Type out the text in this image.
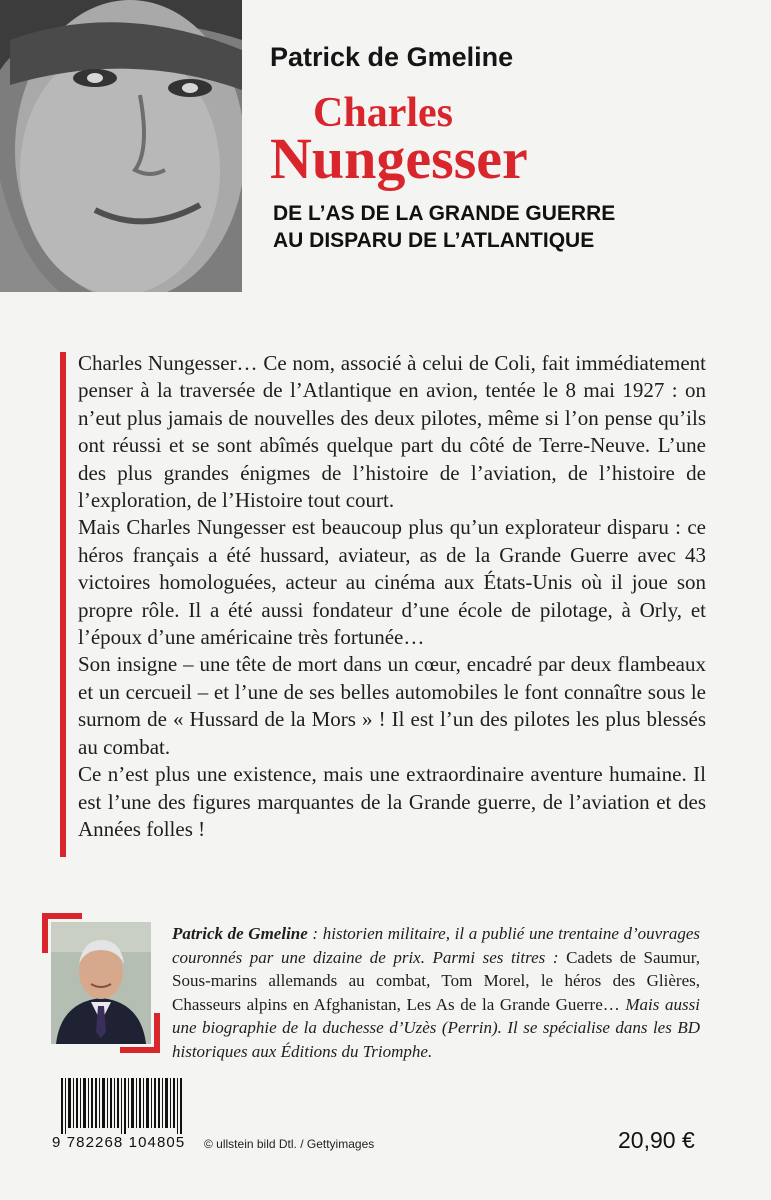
Patrick de Gmeline
Charles
Nungesser
DE L’AS DE LA GRANDE GUERRE
AU DISPARU DE L’ATLANTIQUE

Charles Nungesser… Ce nom, associé à celui de Coli, fait immédiatement penser à la traversée de l’Atlantique en avion, tentée le 8 mai 1927 : on n’eut plus jamais de nouvelles des deux pilotes, même si l’on pense qu’ils ont réussi et se sont abîmés quelque part du côté de Terre-Neuve. L’une des plus grandes énigmes de l’histoire de l’aviation, de l’histoire de l’exploration, de l’Histoire tout court.

Mais Charles Nungesser est beaucoup plus qu’un explorateur disparu : ce héros français a été hussard, aviateur, as de la Grande Guerre avec 43 victoires homologuées, acteur au cinéma aux États-Unis où il joue son propre rôle. Il a été aussi fondateur d’une école de pilotage, à Orly, et l’époux d’une américaine très fortunée…

Son insigne – une tête de mort dans un cœur, encadré par deux flambeaux et un cercueil – et l’une de ses belles automobiles le font connaître sous le surnom de « Hussard de la Mors » ! Il est l’un des pilotes les plus blessés au combat.

Ce n’est plus une existence, mais une extraordinaire aventure humaine. Il est l’une des figures marquantes de la Grande guerre, de l’aviation et des Années folles !

Patrick de Gmeline : historien militaire, il a publié une trentaine d’ouvrages couronnés par une dizaine de prix. Parmi ses titres : Cadets de Saumur, Sous-marins allemands au combat, Tom Morel, le héros des Glières, Chasseurs alpins en Afghanistan, Les As de la Grande Guerre… Mais aussi une biographie de la duchesse d’Uzès (Perrin). Il se spécialise dans les BD historiques aux Éditions du Triomphe.
9 782268 104805 © ullstein bild Dtl. / Gettyimages	20,90 €
